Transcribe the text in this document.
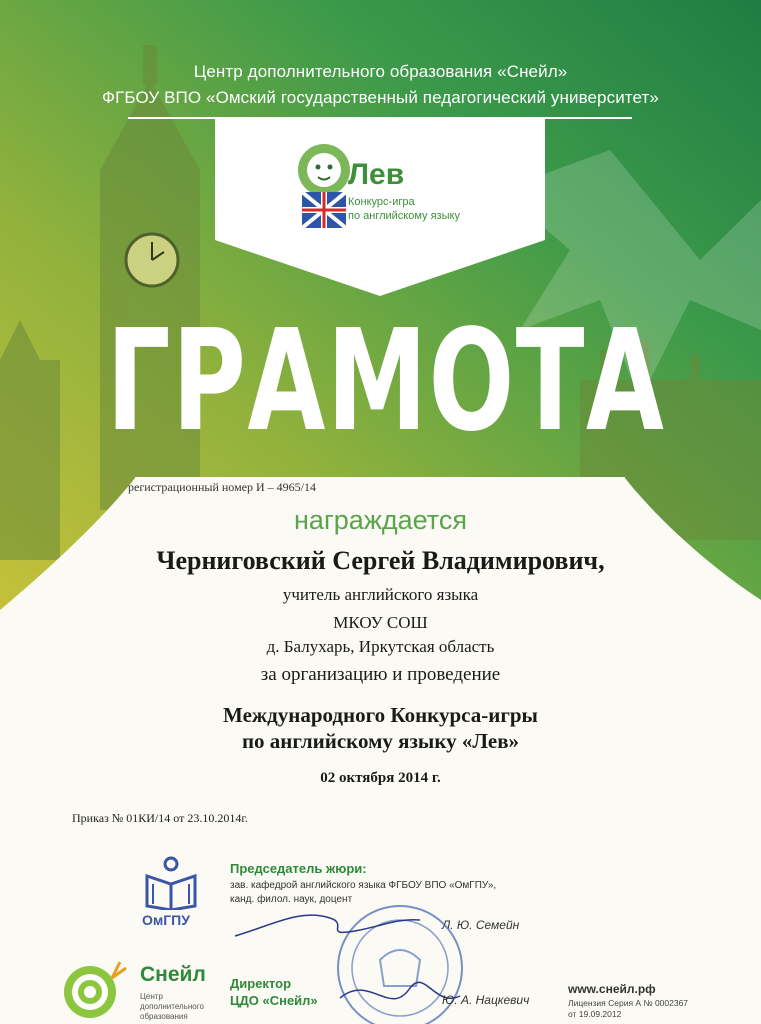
Центр дополнительного образования «Снейл»
ФГБОУ ВПО «Омский государственный педагогический университет»
Лев
Конкурс-игра
по английскому языку
ГРАМОТА
регистрационный номер И – 4965/14
награждается
Черниговский Сергей Владимирович,
учитель английского языка
МКОУ СОШ
д. Балухарь, Иркутская область
за организацию и проведение
Международного Конкурса-игры
по английскому языку «Лев»
02 октября 2014 г.
Приказ № 01КИ/14 от 23.10.2014г.
ОмГПУ
Председатель жюри:
зав. кафедрой английского языка ФГБОУ ВПО «ОмГПУ»,
канд. филол. наук, доцент
Л. Ю. Семейн
Снейл
Центр
дополнительного
образования
Директор
ЦДО «Снейл»	Ю. А. Нацкевич
www.снейл.рф
Лицензия Серия А № 0002367
от 19.09.2012
